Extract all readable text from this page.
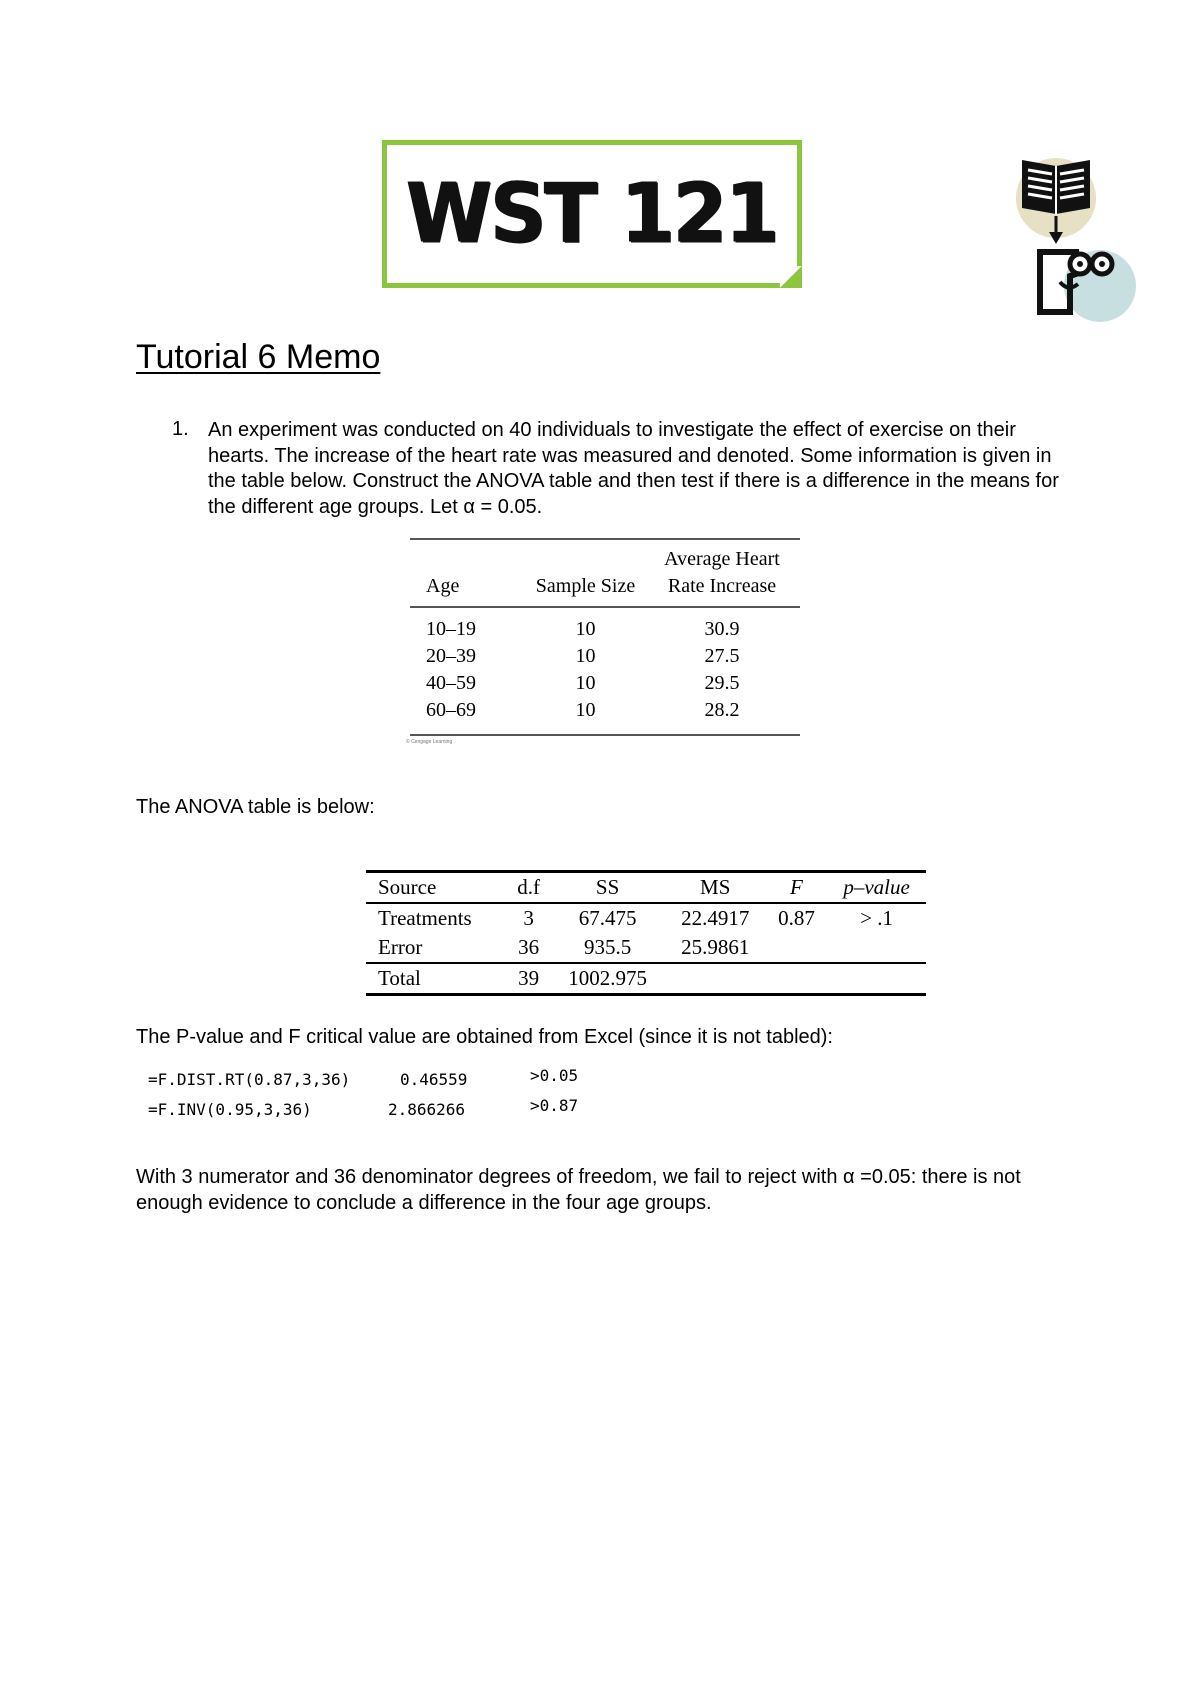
WST 121
Tutorial 6 Memo
1. An experiment was conducted on 40 individuals to investigate the effect of exercise on their hearts. The increase of the heart rate was measured and denoted. Some information is given in the table below. Construct the ANOVA table and then test if there is a difference in the means for the different age groups. Let α = 0.05.
Age	Sample Size	Average Heart
Rate Increase
10–19	10	30.9
20–39	10	27.5
40–59	10	29.5
60–69	10	28.2
© Cengage Learning
The ANOVA table is below:
Source	d.f	SS	MS	F	p–value
Treatments	3	67.475	22.4917	0.87	> .1
Error	36	935.5	25.9861		
Total	39	1002.975			
The P-value and F critical value are obtained from Excel (since it is not tabled):
=F.DIST.RT(0.87,3,36)	0.46559	>0.05
=F.INV(0.95,3,36)	2.866266	>0.87
With 3 numerator and 36 denominator degrees of freedom, we fail to reject with α =0.05: there is not enough evidence to conclude a difference in the four age groups.
